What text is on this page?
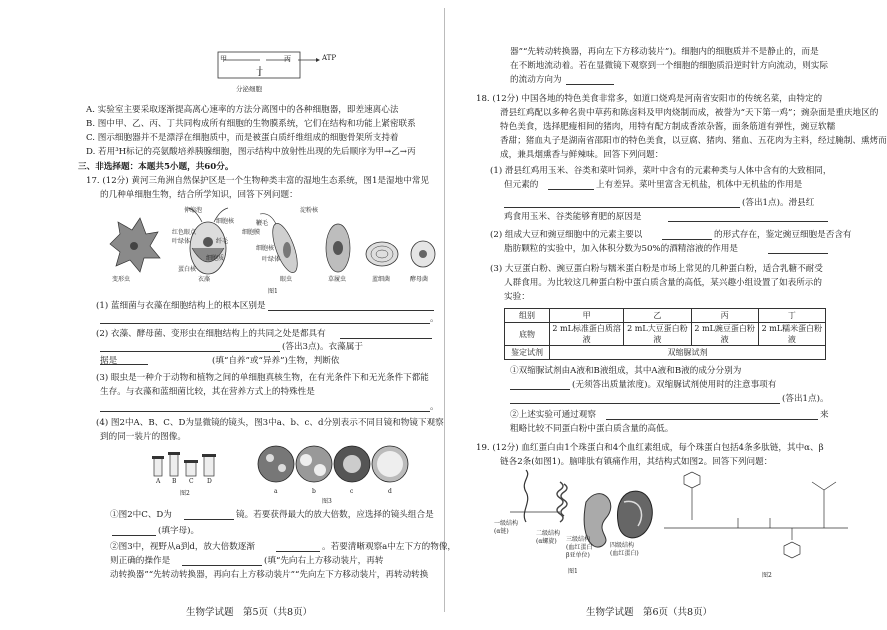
甲	丙	ATP
丁
分泌细胞
A. 实验室主要采取逐渐提高离心速率的方法分离图中的各种细胞器，即差速离心法
B. 图中甲、乙、丙、丁共同构成所有细胞的生物膜系统，它们在结构和功能上紧密联系
C. 图示细胞器并不是漂浮在细胞质中，而是被蛋白质纤维组成的细胞骨架所支持着
D. 若用³H标记的亮氨酸培养胰腺细胞，图示结构中放射性出现的先后顺序为甲→乙→丙
三、非选择题：本题共5小题，共60分。
17. (12分) 黄河三角洲自然保护区是一个生物种类丰富的湿地生态系统，图1是湿地中常见
的几种单细胞生物，结合所学知识，回答下列问题：
伸缩泡
细胞核
红色眼点
叶绿体	纤毛
鞭毛
细胞核
细胞质
蛋白核
细胞膜
淀粉核
叶绿体
变形虫	衣藻	眼虫	草履虫	蓝细菌	酵母菌
图1
(1) 蓝细菌与衣藻在细胞结构上的根本区别是
。
(2) 衣藻、酵母菌、变形虫在细胞结构上的共同之处是都具有
(答出3点)。衣藻属于
据是	(填“自养”或“异养”)生物，判断依
(3) 眼虫是一种介于动物和植物之间的单细胞真核生物，在有光条件下和无光条件下都能
生存。与衣藻和蓝细菌比较，其在营养方式上的特殊性是
。
(4) 图2中A、B、C、D为显微镜的镜头，图3中a、b、c、d分别表示不同目镜和物镜下观察
到的同一装片的图像。
A B C D
图2	a	b	c	d
图3
①图2中C、D为	镜。若要获得最大的放大倍数，应选择的镜头组合是
(填字母)。
②图3中，视野从a到d，放大倍数逐渐	。若要清晰观察a中左下方的物像，
则正确的操作是	(填“先向右上方移动装片，再转
动转换器”“先转动转换器，再向右上方移动装片”“先向左下方移动装片，再转动转换
生物学试题　第5页（共8页）
器”“先转动转换器，再向左下方移动装片”)。细胞内的细胞质并不是静止的，而是
在不断地流动着。若在显微镜下观察到一个细胞的细胞质沿逆时针方向流动，则实际
的流动方向为
18. (12分) 中国各地的特色美食非常多，如道口烧鸡是河南省安阳市的传统名菜，由特定的
滑县红鸡配以多种名贵中草药和陈卤料及甲肉烧制而成，被誉为“天下第一鸡”；豌杂面是重庆地区的
特色美食，选择肥瘦相间的猪肉，用特有配方制成香浓杂酱，面条筋道有弹性，豌豆软糯
香甜；猪血丸子是湖南省邵阳市的特色美食，以豆腐、猪肉、猪血、五花肉为主料，经过腌制、熏烤而
成，兼具烟熏香与鲜辣味。回答下列问题：
(1) 滑县红鸡用玉米、谷类和菜叶饲养，菜叶中含有的元素种类与人体中含有的大致相同，
但元素的	上有差异。菜叶里富含无机盐，机体中无机盐的作用是
(答出1点)。滑县红
鸡食用玉米、谷类能够育肥的原因是
(2) 组成大豆和豌豆细胞中的元素主要以	的形式存在，鉴定豌豆细胞是否含有
脂肪颗粒的实验中，加入体积分数为50%的酒精溶液的作用是
(3) 大豆蛋白粉、豌豆蛋白粉与糯米蛋白粉是市场上常见的几种蛋白粉，适合乳糖不耐受
人群食用。为比较这几种蛋白粉中蛋白质含量的高低，某兴趣小组设置了如表所示的
实验：
组别	甲	乙	丙	丁
底物	2 mL标准蛋白质溶液	2 mL大豆蛋白粉液	2 mL豌豆蛋白粉液	2 mL糯米蛋白粉液
鉴定试剂	双缩脲试剂			
①双缩脲试剂由A液和B液组成，其中A液和B液的成分分别为
(无须答出质量浓度)。双缩脲试剂使用时的注意事项有
(答出1点)。
②上述实验可通过观察	来
粗略比较不同蛋白粉中蛋白质含量的高低。
19. (12分) 血红蛋白由1个珠蛋白和4个血红素组成，每个珠蛋白包括4条多肽链，其中α、β
链各2条(如图1)。脑啡肽有镇痛作用，其结构式如图2。回答下列问题：
一级结构
(α链)	二级结构
(α螺旋) 三级结构
(血红蛋白
β亚单位)
四级结构
(血红蛋白)
图1
图2
生物学试题　第6页（共8页）
